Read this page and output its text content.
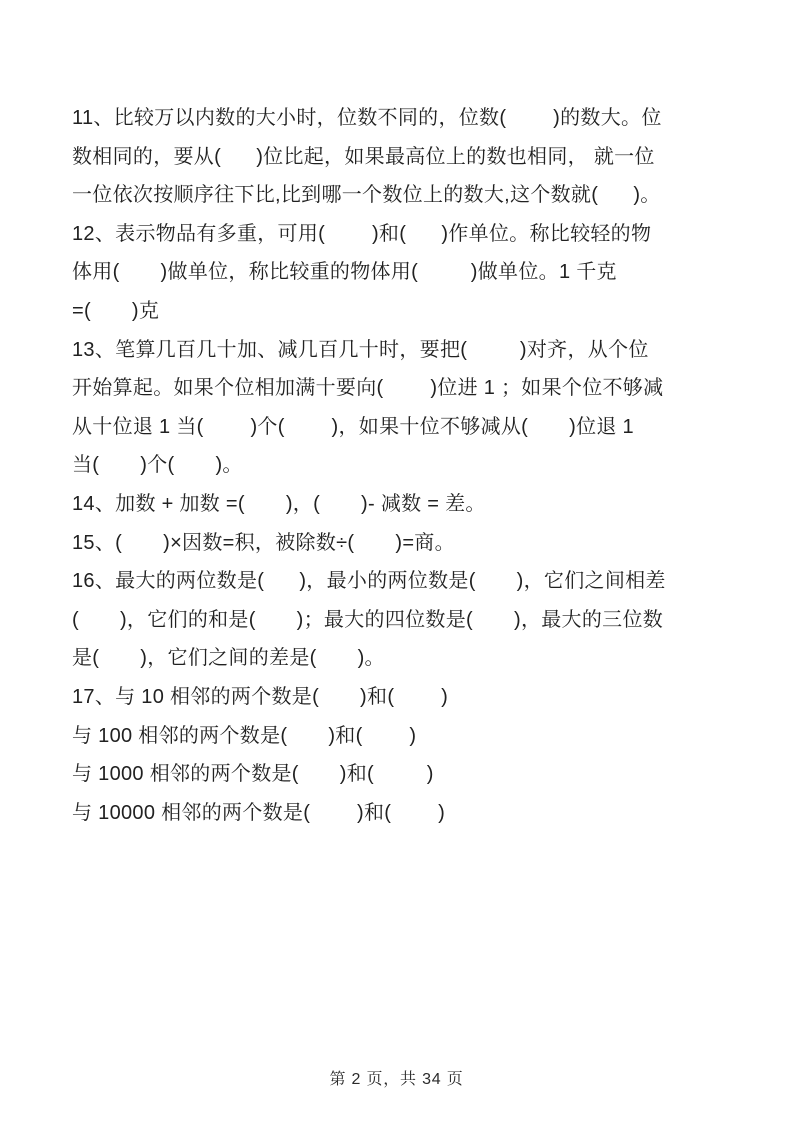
11、比较万以内数的大小时，位数不同的，位数(        )的数大。位
数相同的，要从(      )位比起，如果最高位上的数也相同， 就一位
一位依次按顺序往下比,比到哪一个数位上的数大,这个数就(      )。
12、表示物品有多重，可用(        )和(      )作单位。称比较轻的物
体用(       )做单位，称比较重的物体用(         )做单位。1 千克
=(       )克
13、笔算几百几十加、减几百几十时，要把(         )对齐，从个位
开始算起。如果个位相加满十要向(        )位进 1 ；如果个位不够减
从十位退 1 当(        )个(        )，如果十位不够减从(       )位退 1
当(       )个(       )。
14、加数 + 加数 =(       )，(       )- 减数 = 差。
15、(       )×因数=积，被除数÷(       )=商。
16、最大的两位数是(      )，最小的两位数是(       )，它们之间相差
(       )，它们的和是(       )；最大的四位数是(       )，最大的三位数
是(       )，它们之间的差是(       )。
17、与 10 相邻的两个数是(       )和(        )
与 100 相邻的两个数是(       )和(        )
与 1000 相邻的两个数是(       )和(         )
与 10000 相邻的两个数是(        )和(        )
第 2 页，共 34 页
